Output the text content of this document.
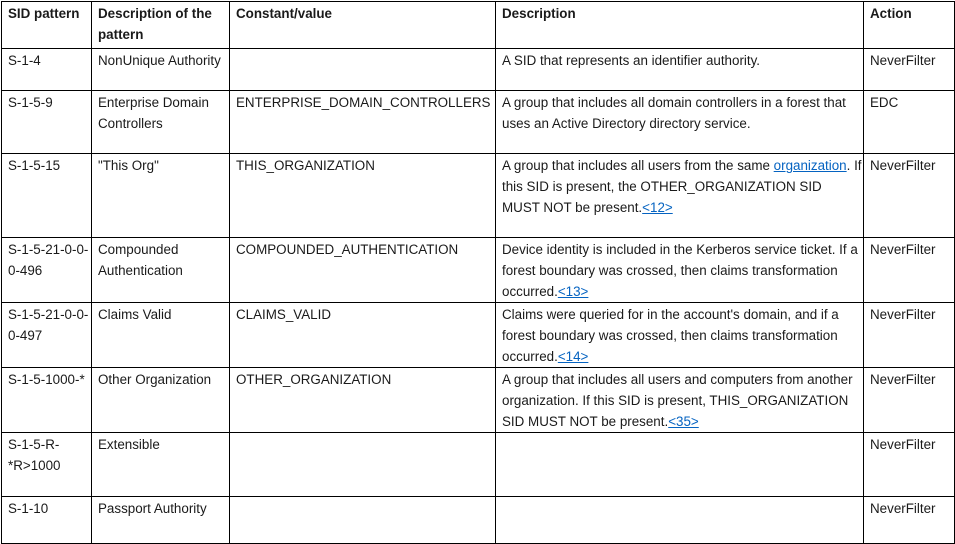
SID pattern	Description of the pattern	Constant/value	Description	Action
S-1-4	NonUnique Authority		A SID that represents an identifier authority.	NeverFilter
S-1-5-9	Enterprise Domain Controllers	ENTERPRISE_DOMAIN_CONTROLLERS	A group that includes all domain controllers in a forest that uses an Active Directory directory service.	EDC
S-1-5-15	"This Org"	THIS_ORGANIZATION	A group that includes all users from the same organization. If this SID is present, the OTHER_ORGANIZATION SID MUST NOT be present.<12>	NeverFilter
S-1-5-21-0-0-0-496	Compounded Authentication	COMPOUNDED_AUTHENTICATION	Device identity is included in the Kerberos service ticket. If a forest boundary was crossed, then claims transformation occurred.<13>	NeverFilter
S-1-5-21-0-0-0-497	Claims Valid	CLAIMS_VALID	Claims were queried for in the account's domain, and if a forest boundary was crossed, then claims transformation occurred.<14>	NeverFilter
S-1-5-1000-*	Other Organization	OTHER_ORGANIZATION	A group that includes all users and computers from another organization. If this SID is present, THIS_ORGANIZATION SID MUST NOT be present.<35>	NeverFilter
S-1-5-R-*R>1000	Extensible			NeverFilter
S-1-10	Passport Authority			NeverFilter
